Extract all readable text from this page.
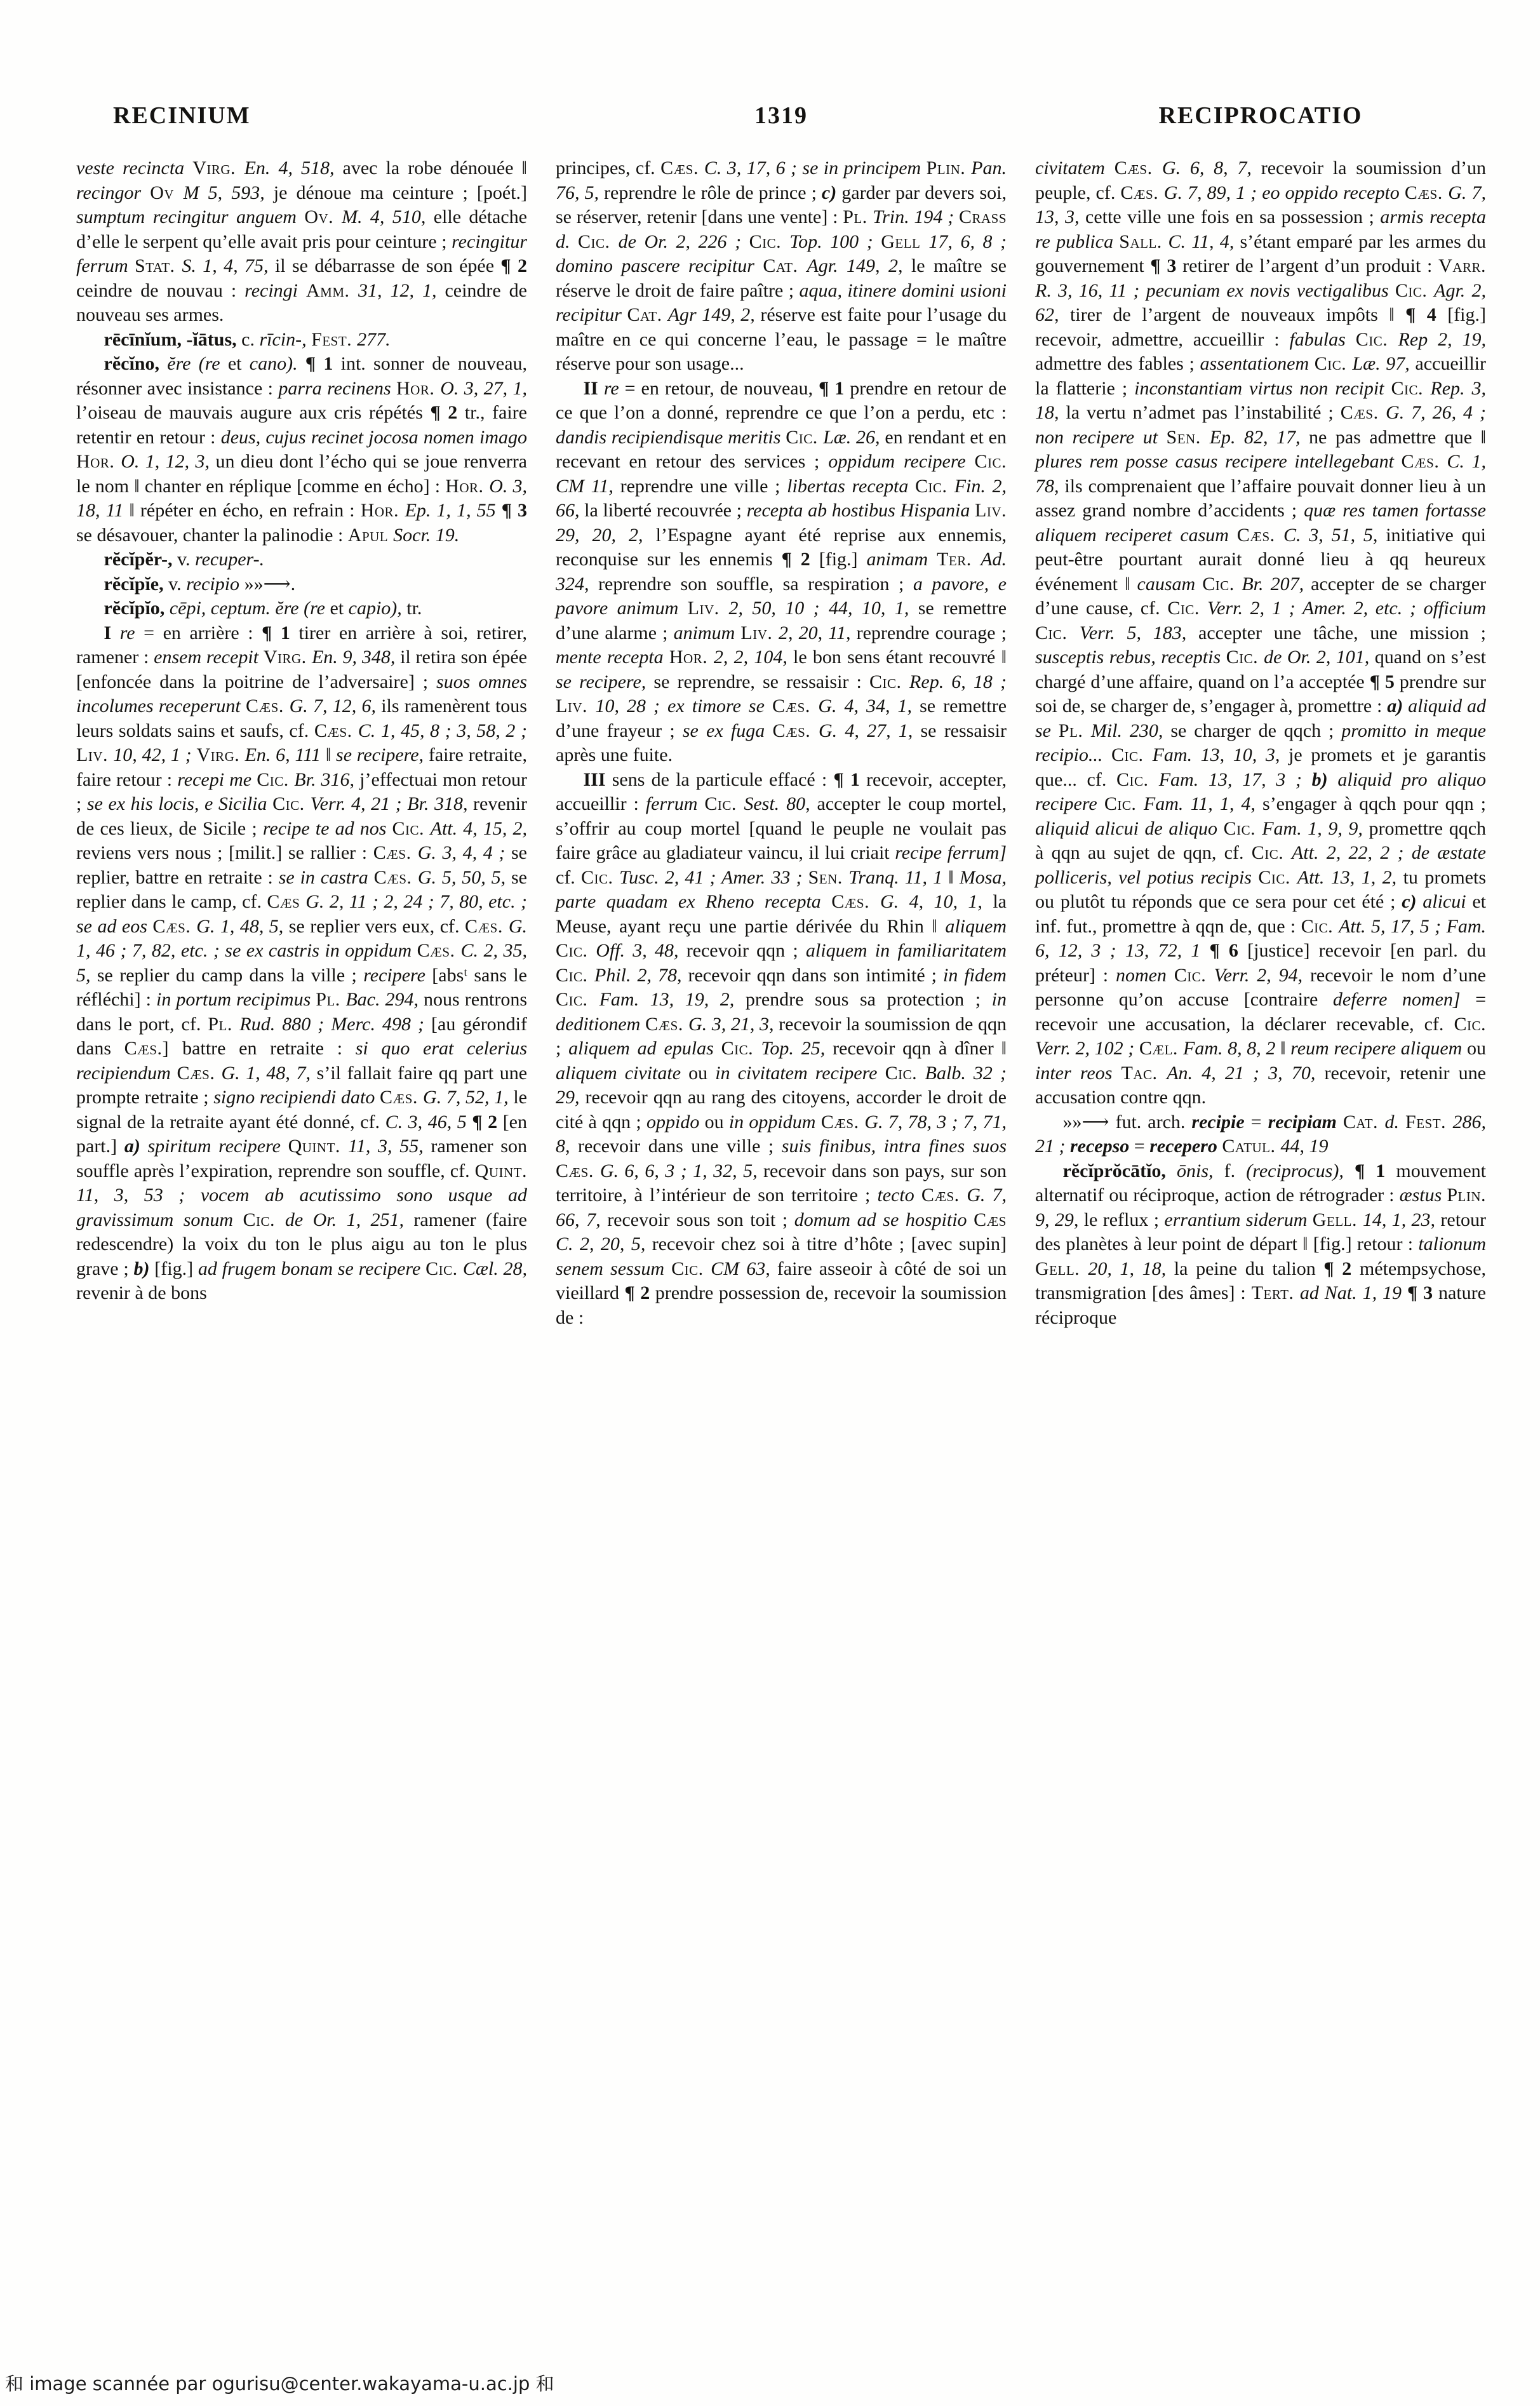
RECINIUM	1319	RECIPROCATIO

veste recincta Virg. En. 4, 518, avec la robe dénouée ‖ recingor Ov M 5, 593, je dénoue ma ceinture ; [poét.] sumptum recingitur anguem Ov. M. 4, 510, elle détache d’elle le serpent qu’elle avait pris pour ceinture ; recingitur ferrum Stat. S. 1, 4, 75, il se débarrasse de son épée ¶ 2 ceindre de nouvau : recingi Amm. 31, 12, 1, ceindre de nouveau ses armes.

rēcīnĭum, -ĭātus, c. rīcin-, Fest. 277.

rĕcĭno, ĕre (re et cano). ¶ 1 int. sonner de nouveau, résonner avec insistance : parra recinens Hor. O. 3, 27, 1, l’oiseau de mauvais augure aux cris répétés ¶ 2 tr., faire retentir en retour : deus, cujus recinet jocosa nomen imago Hor. O. 1, 12, 3, un dieu dont l’écho qui se joue renverra le nom ‖ chanter en réplique [comme en écho] : Hor. O. 3, 18, 11 ‖ répéter en écho, en refrain : Hor. Ep. 1, 1, 55 ¶ 3 se désavouer, chanter la palinodie : Apul Socr. 19.

rĕcĭpĕr-, v. recuper-.

rĕcĭpĭe, v. recipio »»⟶.

rĕcĭpĭo, cēpi, ceptum. ĕre (re et capio), tr.

I re = en arrière : ¶ 1 tirer en arrière à soi, retirer, ramener : ensem recepit Virg. En. 9, 348, il retira son épée [enfoncée dans la poitrine de l’adversaire] ; suos omnes incolumes receperunt Cæs. G. 7, 12, 6, ils ramenèrent tous leurs soldats sains et saufs, cf. Cæs. C. 1, 45, 8 ; 3, 58, 2 ; Liv. 10, 42, 1 ; Virg. En. 6, 111 ‖ se recipere, faire retraite, faire retour : recepi me Cic. Br. 316, j’effectuai mon retour ; se ex his locis, e Sicilia Cic. Verr. 4, 21 ; Br. 318, revenir de ces lieux, de Sicile ; recipe te ad nos Cic. Att. 4, 15, 2, reviens vers nous ; [milit.] se rallier : Cæs. G. 3, 4, 4 ; se replier, battre en retraite : se in castra Cæs. G. 5, 50, 5, se replier dans le camp, cf. Cæs G. 2, 11 ; 2, 24 ; 7, 80, etc. ; se ad eos Cæs. G. 1, 48, 5, se replier vers eux, cf. Cæs. G. 1, 46 ; 7, 82, etc. ; se ex castris in oppidum Cæs. C. 2, 35, 5, se replier du camp dans la ville ; recipere [absᵗ sans le réfléchi] : in portum recipimus Pl. Bac. 294, nous rentrons dans le port, cf. Pl. Rud. 880 ; Merc. 498 ; [au gérondif dans Cæs.] battre en retraite : si quo erat celerius recipiendum Cæs. G. 1, 48, 7, s’il fallait faire qq part une prompte retraite ; signo recipiendi dato Cæs. G. 7, 52, 1, le signal de la retraite ayant été donné, cf. C. 3, 46, 5 ¶ 2 [en part.] a) spiritum recipere Quint. 11, 3, 55, ramener son souffle après l’expiration, reprendre son souffle, cf. Quint. 11, 3, 53 ; vocem ab acutissimo sono usque ad gravissimum sonum Cic. de Or. 1, 251, ramener (faire redescendre) la voix du ton le plus aigu au ton le plus grave ; b) [fig.] ad frugem bonam se recipere Cic. Cæl. 28, revenir à de bons

principes, cf. Cæs. C. 3, 17, 6 ; se in principem Plin. Pan. 76, 5, reprendre le rôle de prince ; c) garder par devers soi, se réserver, retenir [dans une vente] : Pl. Trin. 194 ; Crass d. Cic. de Or. 2, 226 ; Cic. Top. 100 ; Gell 17, 6, 8 ; domino pascere recipitur Cat. Agr. 149, 2, le maître se réserve le droit de faire paître ; aqua, itinere domini usioni recipitur Cat. Agr 149, 2, réserve est faite pour l’usage du maître en ce qui concerne l’eau, le passage = le maître réserve pour son usage...

II re = en retour, de nouveau, ¶ 1 prendre en retour de ce que l’on a donné, reprendre ce que l’on a perdu, etc : dandis recipiendisque meritis Cic. Læ. 26, en rendant et en recevant en retour des services ; oppidum recipere Cic. CM 11, reprendre une ville ; libertas recepta Cic. Fin. 2, 66, la liberté recouvrée ; recepta ab hostibus Hispania Liv. 29, 20, 2, l’Espagne ayant été reprise aux ennemis, reconquise sur les ennemis ¶ 2 [fig.] animam Ter. Ad. 324, reprendre son souffle, sa respiration ; a pavore, e pavore animum Liv. 2, 50, 10 ; 44, 10, 1, se remettre d’une alarme ; animum Liv. 2, 20, 11, reprendre courage ; mente recepta Hor. 2, 2, 104, le bon sens étant recouvré ‖ se recipere, se reprendre, se ressaisir : Cic. Rep. 6, 18 ; Liv. 10, 28 ; ex timore se Cæs. G. 4, 34, 1, se remettre d’une frayeur ; se ex fuga Cæs. G. 4, 27, 1, se ressaisir après une fuite.

III sens de la particule effacé : ¶ 1 recevoir, accepter, accueillir : ferrum Cic. Sest. 80, accepter le coup mortel, s’offrir au coup mortel [quand le peuple ne voulait pas faire grâce au gladiateur vaincu, il lui criait recipe ferrum] cf. Cic. Tusc. 2, 41 ; Amer. 33 ; Sen. Tranq. 11, 1 ‖ Mosa, parte quadam ex Rheno recepta Cæs. G. 4, 10, 1, la Meuse, ayant reçu une partie dérivée du Rhin ‖ aliquem Cic. Off. 3, 48, recevoir qqn ; aliquem in familiaritatem Cic. Phil. 2, 78, recevoir qqn dans son intimité ; in fidem Cic. Fam. 13, 19, 2, prendre sous sa protection ; in deditionem Cæs. G. 3, 21, 3, recevoir la soumission de qqn ; aliquem ad epulas Cic. Top. 25, recevoir qqn à dîner ‖ aliquem civitate ou in civitatem recipere Cic. Balb. 32 ; 29, recevoir qqn au rang des citoyens, accorder le droit de cité à qqn ; oppido ou in oppidum Cæs. G. 7, 78, 3 ; 7, 71, 8, recevoir dans une ville ; suis finibus, intra fines suos Cæs. G. 6, 6, 3 ; 1, 32, 5, recevoir dans son pays, sur son territoire, à l’intérieur de son territoire ; tecto Cæs. G. 7, 66, 7, recevoir sous son toit ; domum ad se hospitio Cæs C. 2, 20, 5, recevoir chez soi à titre d’hôte ; [avec supin] senem sessum Cic. CM 63, faire asseoir à côté de soi un vieillard ¶ 2 prendre possession de, recevoir la soumission de :

civitatem Cæs. G. 6, 8, 7, recevoir la soumission d’un peuple, cf. Cæs. G. 7, 89, 1 ; eo oppido recepto Cæs. G. 7, 13, 3, cette ville une fois en sa possession ; armis recepta re publica Sall. C. 11, 4, s’étant emparé par les armes du gouvernement ¶ 3 retirer de l’argent d’un produit : Varr. R. 3, 16, 11 ; pecuniam ex novis vectigalibus Cic. Agr. 2, 62, tirer de l’argent de nouveaux impôts ‖ ¶ 4 [fig.] recevoir, admettre, accueillir : fabulas Cic. Rep 2, 19, admettre des fables ; assentationem Cic. Læ. 97, accueillir la flatterie ; inconstantiam virtus non recipit Cic. Rep. 3, 18, la vertu n’admet pas l’instabilité ; Cæs. G. 7, 26, 4 ; non recipere ut Sen. Ep. 82, 17, ne pas admettre que ‖ plures rem posse casus recipere intellegebant Cæs. C. 1, 78, ils comprenaient que l’affaire pouvait donner lieu à un assez grand nombre d’accidents ; quæ res tamen fortasse aliquem reciperet casum Cæs. C. 3, 51, 5, initiative qui peut-être pourtant aurait donné lieu à qq heureux événement ‖ causam Cic. Br. 207, accepter de se charger d’une cause, cf. Cic. Verr. 2, 1 ; Amer. 2, etc. ; officium Cic. Verr. 5, 183, accepter une tâche, une mission ; susceptis rebus, receptis Cic. de Or. 2, 101, quand on s’est chargé d’une affaire, quand on l’a acceptée ¶ 5 prendre sur soi de, se charger de, s’engager à, promettre : a) aliquid ad se Pl. Mil. 230, se charger de qqch ; promitto in meque recipio... Cic. Fam. 13, 10, 3, je promets et je garantis que... cf. Cic. Fam. 13, 17, 3 ; b) aliquid pro aliquo recipere Cic. Fam. 11, 1, 4, s’engager à qqch pour qqn ; aliquid alicui de aliquo Cic. Fam. 1, 9, 9, promettre qqch à qqn au sujet de qqn, cf. Cic. Att. 2, 22, 2 ; de æstate polliceris, vel potius recipis Cic. Att. 13, 1, 2, tu promets ou plutôt tu réponds que ce sera pour cet été ; c) alicui et inf. fut., promettre à qqn de, que : Cic. Att. 5, 17, 5 ; Fam. 6, 12, 3 ; 13, 72, 1 ¶ 6 [justice] recevoir [en parl. du préteur] : nomen Cic. Verr. 2, 94, recevoir le nom d’une personne qu’on accuse [contraire deferre nomen] = recevoir une accusation, la déclarer recevable, cf. Cic. Verr. 2, 102 ; Cæl. Fam. 8, 8, 2 ‖ reum recipere aliquem ou inter reos Tac. An. 4, 21 ; 3, 70, recevoir, retenir une accusation contre qqn.

»»⟶ fut. arch. recipie = recipiam Cat. d. Fest. 286, 21 ; recepso = recepero Catul. 44, 19

rĕcĭprŏcātĭo, ōnis, f. (reciprocus), ¶ 1 mouvement alternatif ou réciproque, action de rétrograder : æstus Plin. 9, 29, le reflux ; errantium siderum Gell. 14, 1, 23, retour des planètes à leur point de départ ‖ [fig.] retour : talionum Gell. 20, 1, 18, la peine du talion ¶ 2 métempsychose, transmigration [des âmes] : Tert. ad Nat. 1, 19 ¶ 3 nature réciproque

和 image scannée par ogurisu@center.wakayama-u.ac.jp 和
